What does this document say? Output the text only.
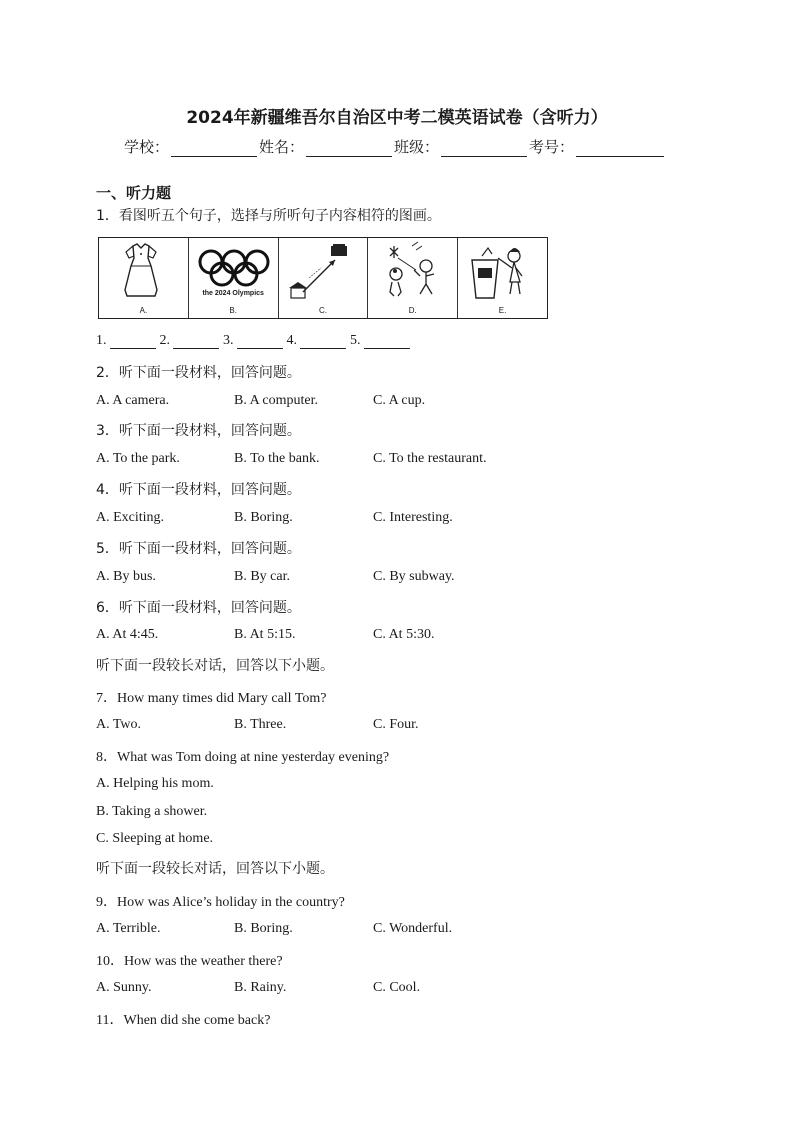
2024年新疆维吾尔自治区中考二模英语试卷（含听力）
学校：	姓名：	班级：	考号：
一、听力题
1．看图听五个句子，选择与所听句子内容相符的图画。
A.
the 2024 Olympics
B.	C.	D.	E.
1.	2.	3.	4.	5.
2．听下面一段材料，回答问题。
A. A camera.	B. A computer.	C. A cup.
3．听下面一段材料，回答问题。
A. To the park.	B. To the bank.	C. To the restaurant.
4．听下面一段材料，回答问题。
A. Exciting.	B. Boring.	C. Interesting.
5．听下面一段材料，回答问题。
A. By bus.	B. By car.	C. By subway.
6．听下面一段材料，回答问题。
A. At 4:45.	B. At 5:15.	C. At 5:30.
听下面一段较长对话，回答以下小题。
7．How many times did Mary call Tom?
A. Two.	B. Three.	C. Four.
8．What was Tom doing at nine yesterday evening?
A. Helping his mom.
B. Taking a shower.
C. Sleeping at home.
听下面一段较长对话，回答以下小题。
9．How was Alice’s holiday in the country?
A. Terrible.	B. Boring.	C. Wonderful.
10．How was the weather there?
A. Sunny.	B. Rainy.	C. Cool.
11．When did she come back?
